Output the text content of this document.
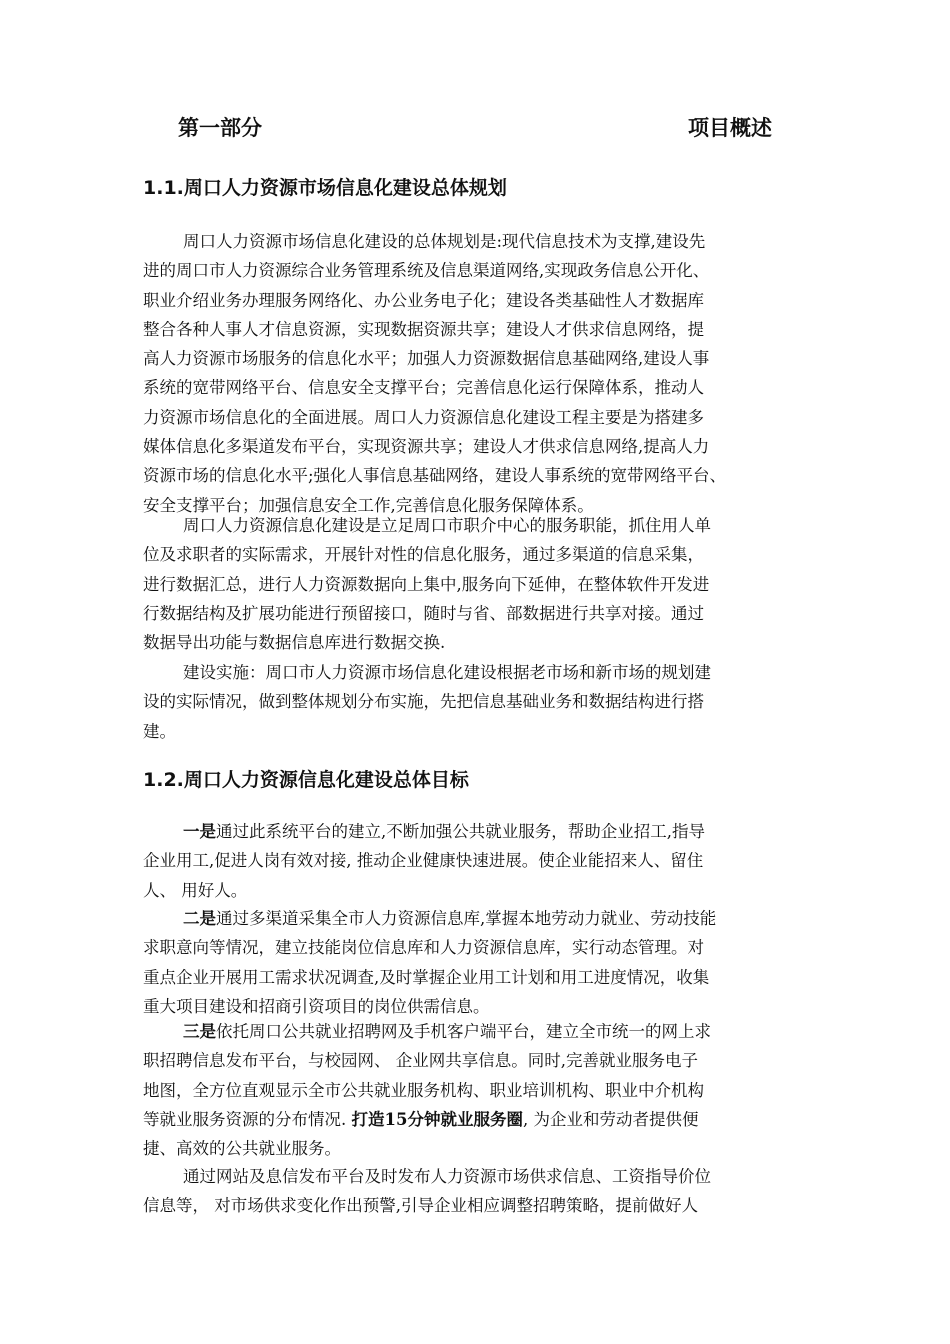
第一部分	项目概述
1.1.周口人力资源市场信息化建设总体规划

周口人力资源市场信息化建设的总体规划是:现代信息技术为支撑,建设先
进的周口市人力资源综合业务管理系统及信息渠道网络,实现政务信息公开化、
职业介绍业务办理服务网络化、办公业务电子化；建设各类基础性人才数据库
整合各种人事人才信息资源，实现数据资源共享；建设人才供求信息网络，提
高人力资源市场服务的信息化水平；加强人力资源数据信息基础网络,建设人事
系统的宽带网络平台、信息安全支撑平台；完善信息化运行保障体系，推动人
力资源市场信息化的全面进展。周口人力资源信息化建设工程主要是为搭建多
媒体信息化多渠道发布平台，实现资源共享；建设人才供求信息网络,提高人力
资源市场的信息化水平;强化人事信息基础网络，建设人事系统的宽带网络平台、
安全支撑平台；加强信息安全工作,完善信息化服务保障体系。

周口人力资源信息化建设是立足周口市职介中心的服务职能，抓住用人单
位及求职者的实际需求，开展针对性的信息化服务，通过多渠道的信息采集，
进行数据汇总，进行人力资源数据向上集中,服务向下延伸，在整体软件开发进
行数据结构及扩展功能进行预留接口，随时与省、部数据进行共享对接。通过
数据导出功能与数据信息库进行数据交换.

建设实施：周口市人力资源市场信息化建设根据老市场和新市场的规划建
设的实际情况，做到整体规划分布实施，先把信息基础业务和数据结构进行搭
建。

1.2.周口人力资源信息化建设总体目标

一是通过此系统平台的建立,不断加强公共就业服务，帮助企业招工,指导
企业用工,促进人岗有效对接, 推动企业健康快速进展。使企业能招来人、留住
人、 用好人。

二是通过多渠道采集全市人力资源信息库,掌握本地劳动力就业、劳动技能
求职意向等情况，建立技能岗位信息库和人力资源信息库，实行动态管理。对
重点企业开展用工需求状况调查,及时掌握企业用工计划和用工进度情况，收集
重大项目建设和招商引资项目的岗位供需信息。

三是依托周口公共就业招聘网及手机客户端平台，建立全市统一的网上求
职招聘信息发布平台，与校园网、 企业网共享信息。同时,完善就业服务电子
地图，全方位直观显示全市公共就业服务机构、职业培训机构、职业中介机构
等就业服务资源的分布情况. 打造15分钟就业服务圈, 为企业和劳动者提供便
捷、高效的公共就业服务。

通过网站及息信发布平台及时发布人力资源市场供求信息、工资指导价位
信息等， 对市场供求变化作出预警,引导企业相应调整招聘策略，提前做好人
